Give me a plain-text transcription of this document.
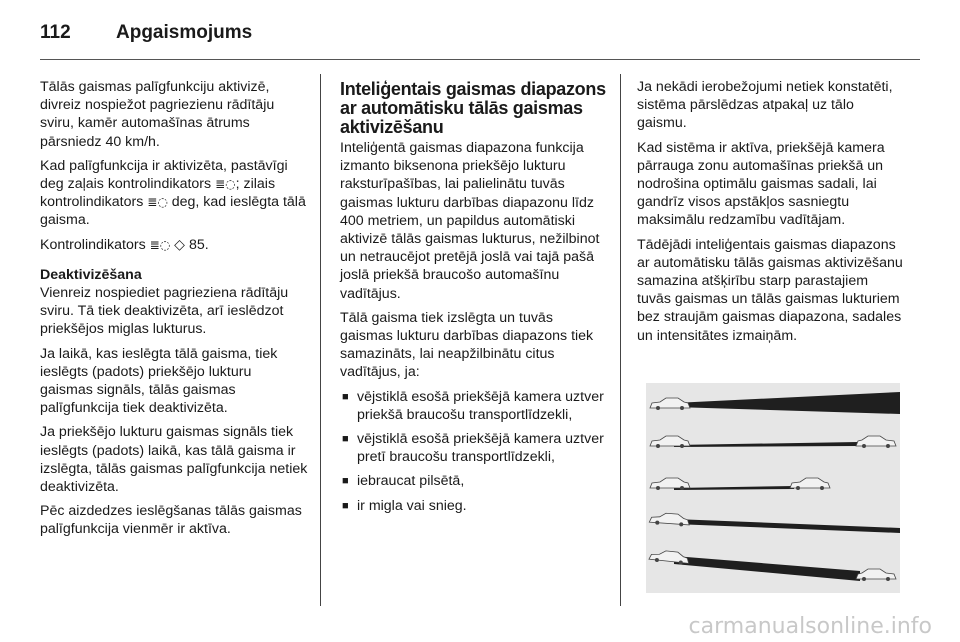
112	Apgaismojums

Tālās gaismas palīgfunkciju aktivizē, divreiz nospiežot pagriezienu rādītāju sviru, kamēr automašīnas ātrums pārsniedz 40 km/h.

Kad palīgfunkcija ir aktivizēta, pastāvīgi deg zaļais kontrolindikators ≣◌; zilais kontrolindikators ≣◌ deg, kad ieslēgta tālā gaisma.

Kontrolindikators ≣◌ ◇ 85.

Deaktivizēšana

Vienreiz nospiediet pagrieziena rādītāju sviru. Tā tiek deaktivizēta, arī ieslēdzot priekšējos miglas lukturus.

Ja laikā, kas ieslēgta tālā gaisma, tiek ieslēgts (padots) priekšējo lukturu gaismas signāls, tālās gaismas palīgfunkcija tiek deaktivizēta.

Ja priekšējo lukturu gaismas signāls tiek ieslēgts (padots) laikā, kas tālā gaisma ir izslēgta, tālās gaismas palīgfunkcija netiek deaktivizēta.

Pēc aizdedzes ieslēgšanas tālās gaismas palīgfunkcija vienmēr ir aktīva.

Inteliģentais gaismas diapazons ar automātisku tālās gaismas aktivizēšanu

Inteliģentā gaismas diapazona funkcija izmanto biksenona priekšējo lukturu raksturīpašības, lai palielinātu tuvās gaismas lukturu darbības diapazonu līdz 400 metriem, un papildus automātiski aktivizē tālās gaismas lukturus, nežilbinot un netraucējot pretējā joslā vai tajā pašā joslā priekšā braucošo automašīnu vadītājus.

Tālā gaisma tiek izslēgta un tuvās gaismas lukturu darbības diapazons tiek samazināts, lai neapžilbinātu citus vadītājus, ja:

■ vējstiklā esošā priekšējā kamera uztver priekšā braucošu transportlīdzekli,
■ vējstiklā esošā priekšējā kamera uztver pretī braucošu transportlīdzekli,
■ iebraucat pilsētā,
■ ir migla vai snieg.

Ja nekādi ierobežojumi netiek konstatēti, sistēma pārslēdzas atpakaļ uz tālo gaismu.

Kad sistēma ir aktīva, priekšējā kamera pārrauga zonu automašīnas priekšā un nodrošina optimālu gaismas sadali, lai gandrīz visos apstākļos sasniegtu maksimālu redzamību vadītājam.

Tādējādi inteliģentais gaismas diapazons ar automātisku tālās gaismas aktivizēšanu samazina atšķirību starp parastajiem tuvās gaismas un tālās gaismas lukturiem bez straujām gaismas diapazona, sadales un intensitātes izmaiņām.

carmanualsonline.info
